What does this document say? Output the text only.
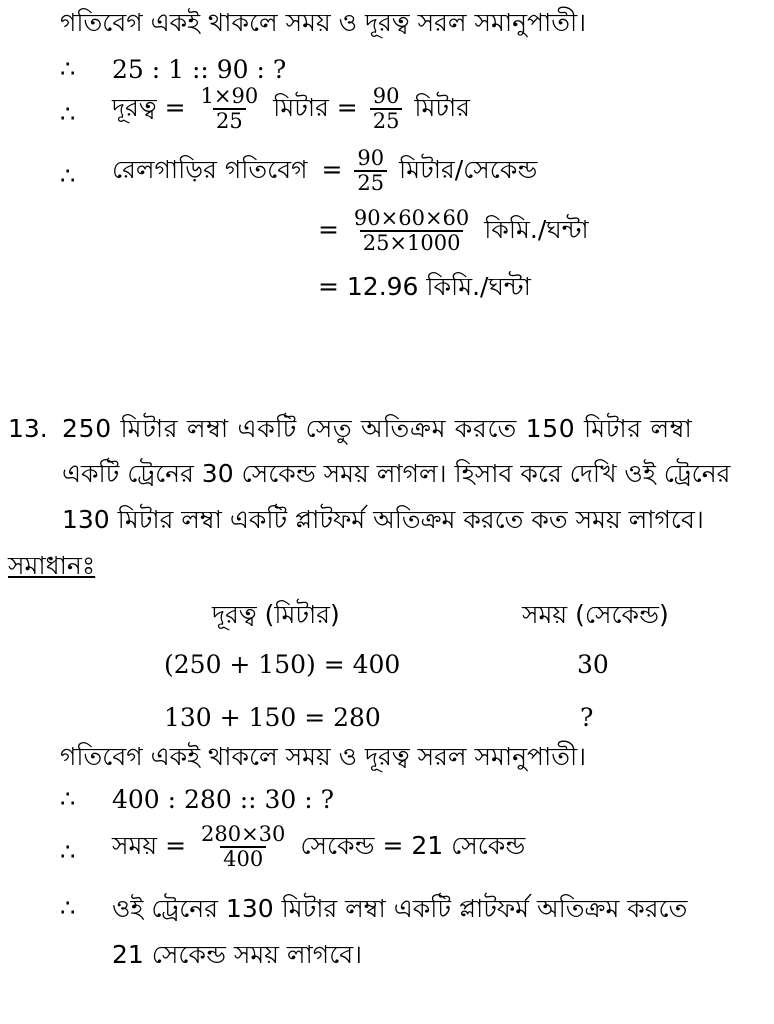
গতিবেগ একই থাকলে সময় ও দূরত্ব সরল সমানুপাতী।
∴ 25 : 1 :: 90 : ?
∴ দূরত্ব = $\frac{1\times 90}{25}$ মিটার = $\frac{90}{25}$ মিটার
∴ রেলগাড়ির গতিবেগ = $\frac{90}{25}$ মিটার/সেকেন্ড
= $\frac{90\times 60\times 60}{25\times 1000}$ কিমি./ঘন্টা
= 12.96 কিমি./ঘন্টা
13. 250 মিটার লম্বা একটি সেতু অতিক্রম করতে 150 মিটার লম্বা
একটি ট্রেনের 30 সেকেন্ড সময় লাগল। হিসাব করে দেখি ওই ট্রেনের
130 মিটার লম্বা একটি প্লাটফর্ম অতিক্রম করতে কত সময় লাগবে।
সমাধানঃ
দূরত্ব (মিটার)	সময় (সেকেন্ড)
(250 + 150) = 400	30
130 + 150 = 280	?
গতিবেগ একই থাকলে সময় ও দূরত্ব সরল সমানুপাতী।
∴ 400 : 280 :: 30 : ?
∴ সময় = $\frac{280\times 30}{400}$ সেকেন্ড = 21 সেকেন্ড
∴ ওই ট্রেনের 130 মিটার লম্বা একটি প্লাটফর্ম অতিক্রম করতে
21 সেকেন্ড সময় লাগবে।
